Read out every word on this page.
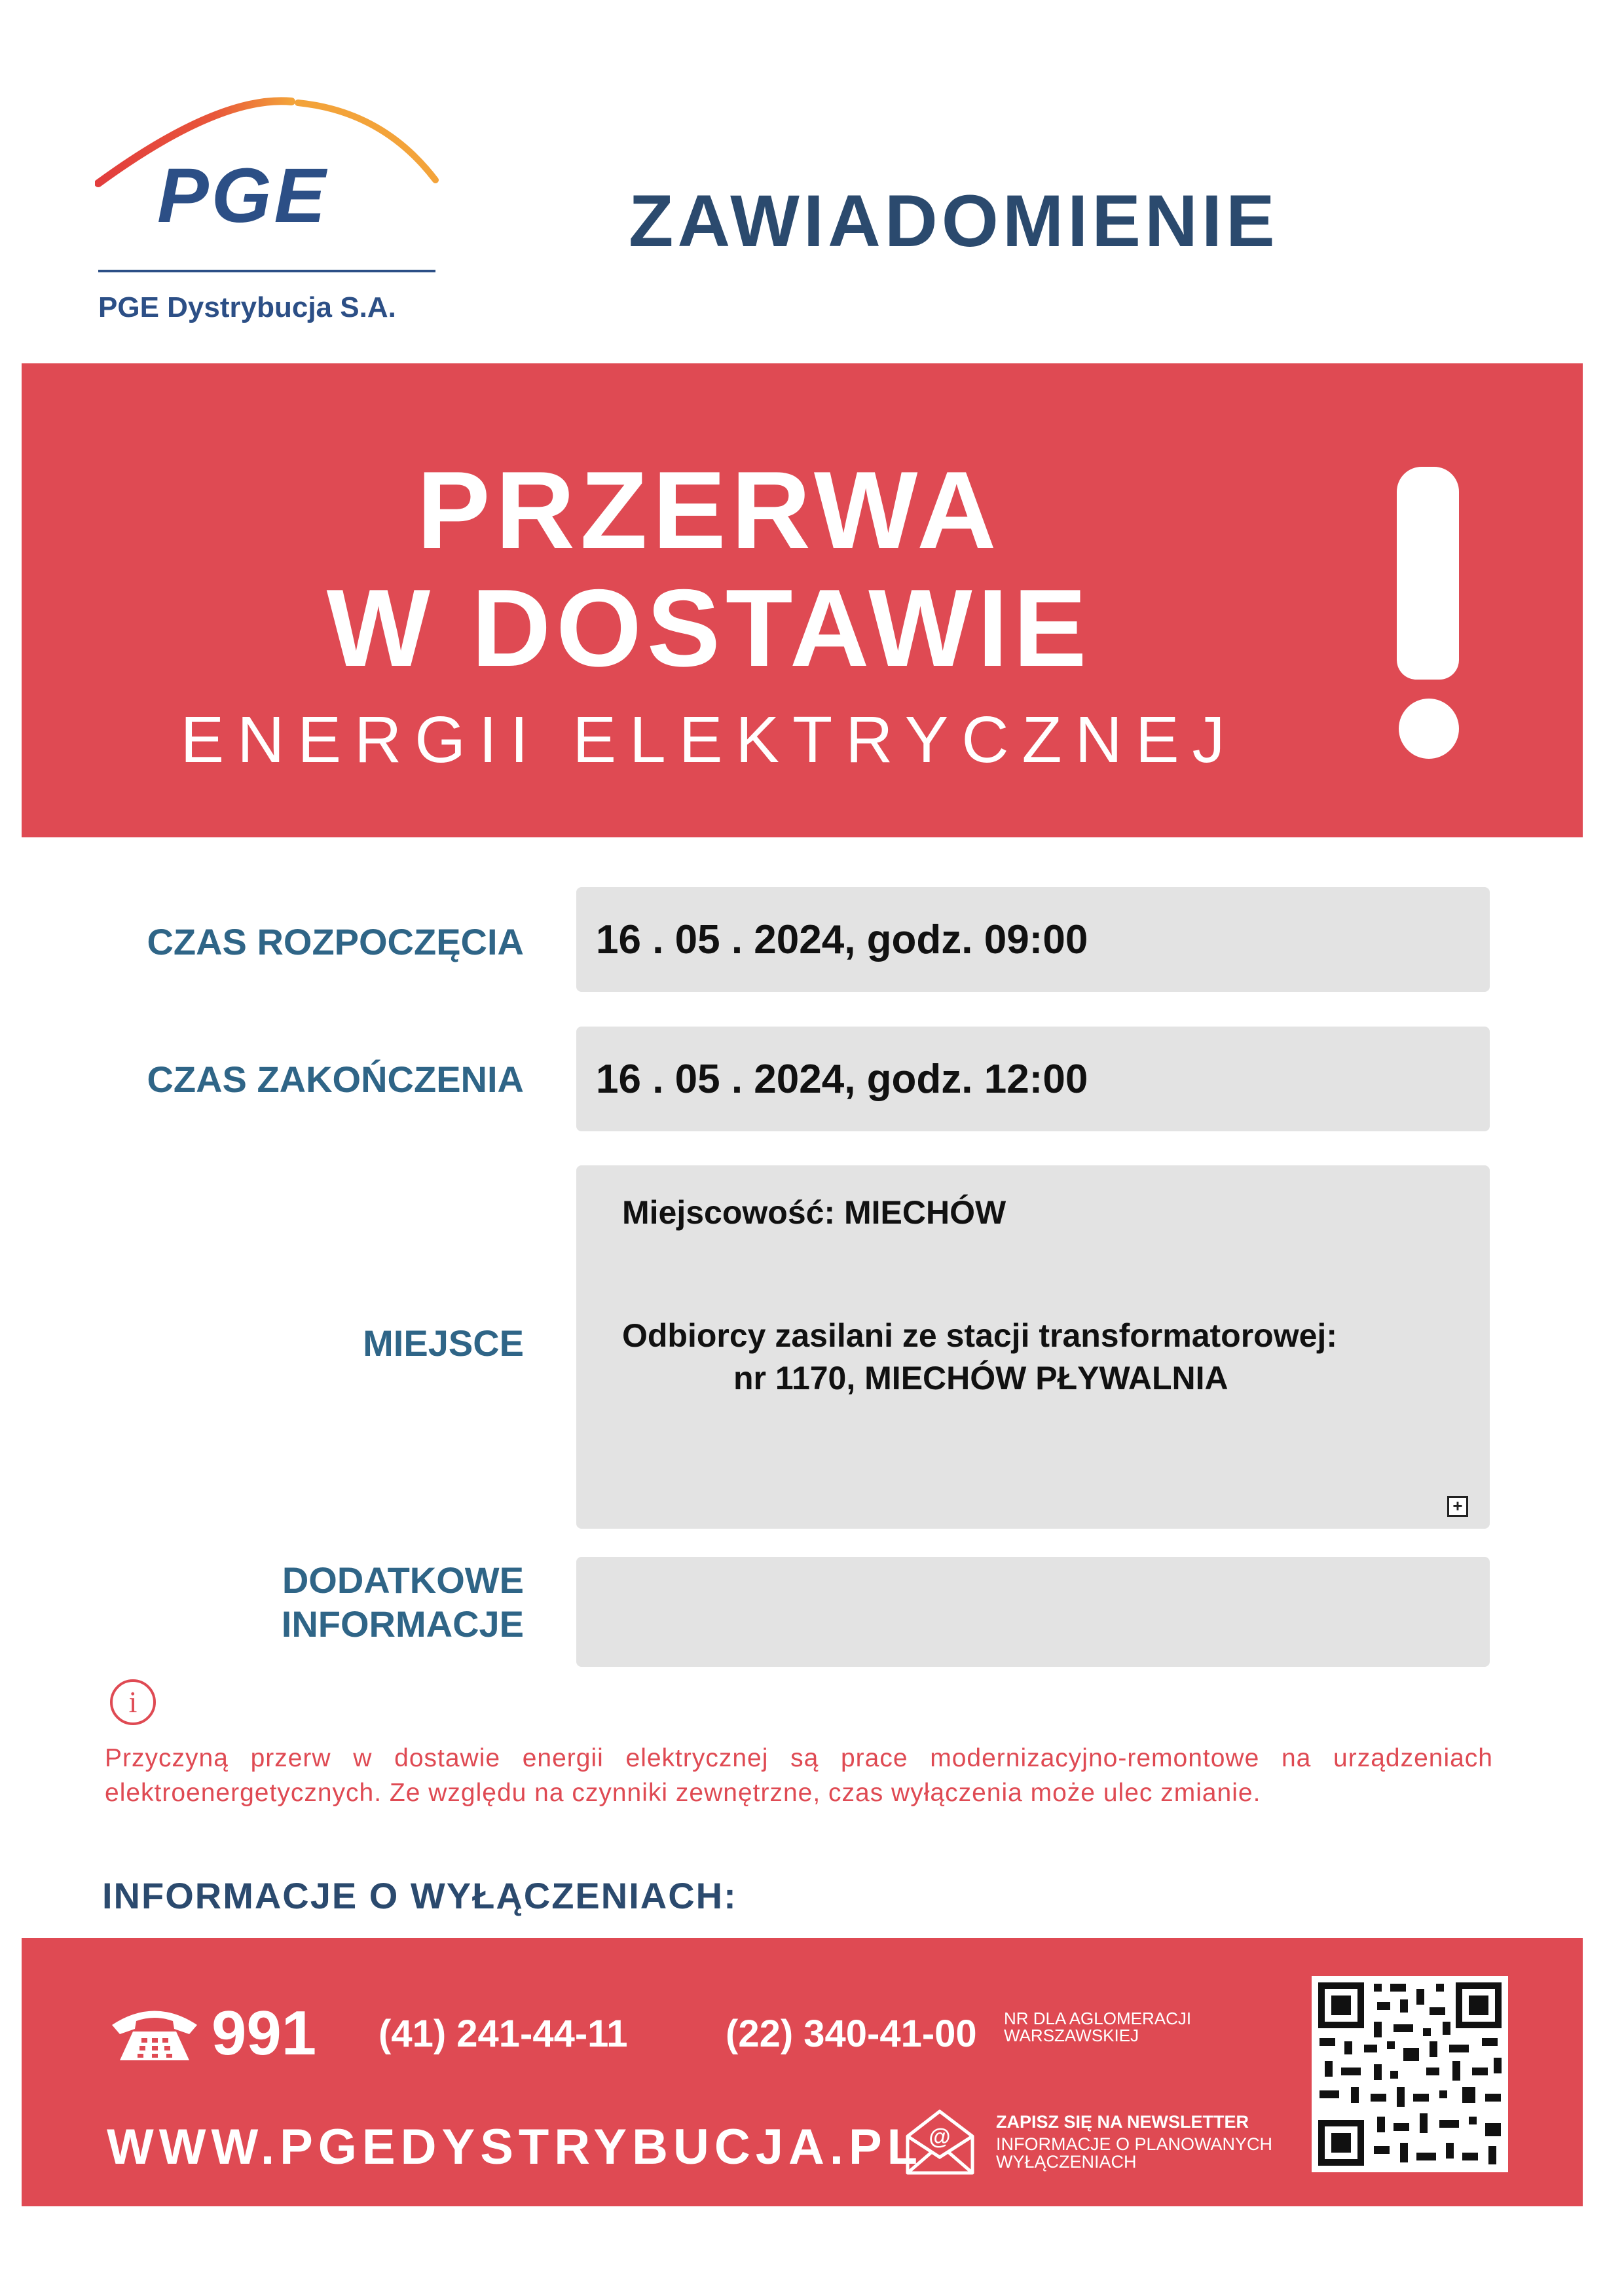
PGE
PGE Dystrybucja S.A.
ZAWIADOMIENIE
PRZERWA
W DOSTAWIE
ENERGII ELEKTRYCZNEJ
CZAS ROZPOCZĘCIA 16 . 05 . 2024, godz. 09:00
CZAS ZAKOŃCZENIA 16 . 05 . 2024, godz. 12:00
MIEJSCE
Miejscowość: MIECHÓW
Odbiorcy zasilani ze stacji transformatorowej:
nr 1170, MIECHÓW PŁYWALNIA
+
DODATKOWE
INFORMACJE
i
Przyczyną przerw w dostawie energii elektrycznej są prace modernizacyjno-remontowe na urządzeniach elektroenergetycznych. Ze względu na czynniki zewnętrzne, czas wyłączenia może ulec zmianie.
INFORMACJE O WYŁĄCZENIACH:
991 (41) 241-44-11	(22) 340-41-00 NR DLA AGLOMERACJI
WARSZAWSKIEJ
WWW.PGEDYSTRYBUCJA.PL @
ZAPISZ SIĘ NA NEWSLETTER
INFORMACJE O PLANOWANYCH
WYŁĄCZENIACH
